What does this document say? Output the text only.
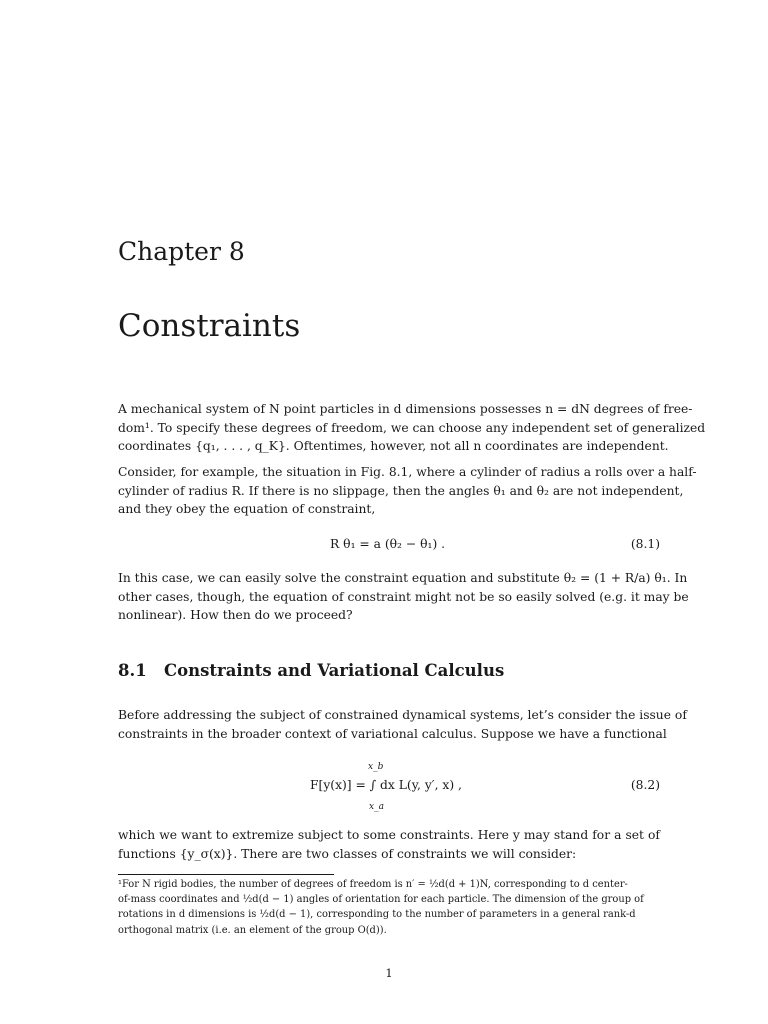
Chapter 8
Constraints
A mechanical system of N point particles in d dimensions possesses n = dN degrees of free-
dom¹. To specify these degrees of freedom, we can choose any independent set of generalized
coordinates {q₁, . . . , q_K}. Oftentimes, however, not all n coordinates are independent.
Consider, for example, the situation in Fig. 8.1, where a cylinder of radius a rolls over a half-
cylinder of radius R. If there is no slippage, then the angles θ₁ and θ₂ are not independent,
and they obey the equation of constraint,
R θ₁ = a (θ₂ − θ₁) .	(8.1)
In this case, we can easily solve the constraint equation and substitute θ₂ = (1 + R/a) θ₁. In
other cases, though, the equation of constraint might not be so easily solved (e.g. it may be
nonlinear). How then do we proceed?
8.1 Constraints and Variational Calculus
Before addressing the subject of constrained dynamical systems, let’s consider the issue of
constraints in the broader context of variational calculus. Suppose we have a functional
x_b
F[y(x)] = ∫ dx L(y, y′, x) ,
x_a
(8.2)
which we want to extremize subject to some constraints. Here y may stand for a set of
functions {y_σ(x)}. There are two classes of constraints we will consider:
¹For N rigid bodies, the number of degrees of freedom is n′ = ½d(d + 1)N, corresponding to d center-
of-mass coordinates and ½d(d − 1) angles of orientation for each particle. The dimension of the group of
rotations in d dimensions is ½d(d − 1), corresponding to the number of parameters in a general rank-d
orthogonal matrix (i.e. an element of the group O(d)).
1
